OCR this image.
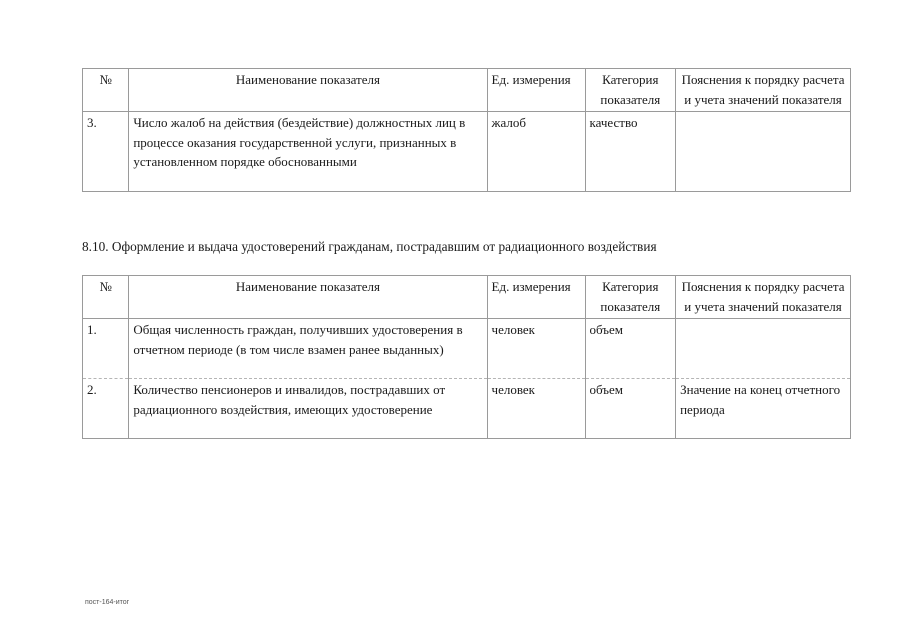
№	Наименование показателя	Ед. измерения	Категория показателя	Пояснения к порядку расчета и учета значений показателя
3.	Число жалоб на действия (бездействие) должностных лиц в процессе оказания государственной услуги, признанных в установленном порядке обоснованными	жалоб	качество	
8.10. Оформление и выдача удостоверений гражданам, пострадавшим от радиационного воздействия
№	Наименование показателя	Ед. измерения	Категория показателя	Пояснения к порядку расчета и учета значений показателя
1.	Общая численность граждан, получивших удостоверения в отчетном периоде (в том числе взамен ранее выданных)	человек	объем	
2.	Количество пенсионеров и инвалидов, пострадавших от радиационного воздействия, имеющих удостоверение	человек	объем	Значение на конец отчетного периода
пост-164-итог
